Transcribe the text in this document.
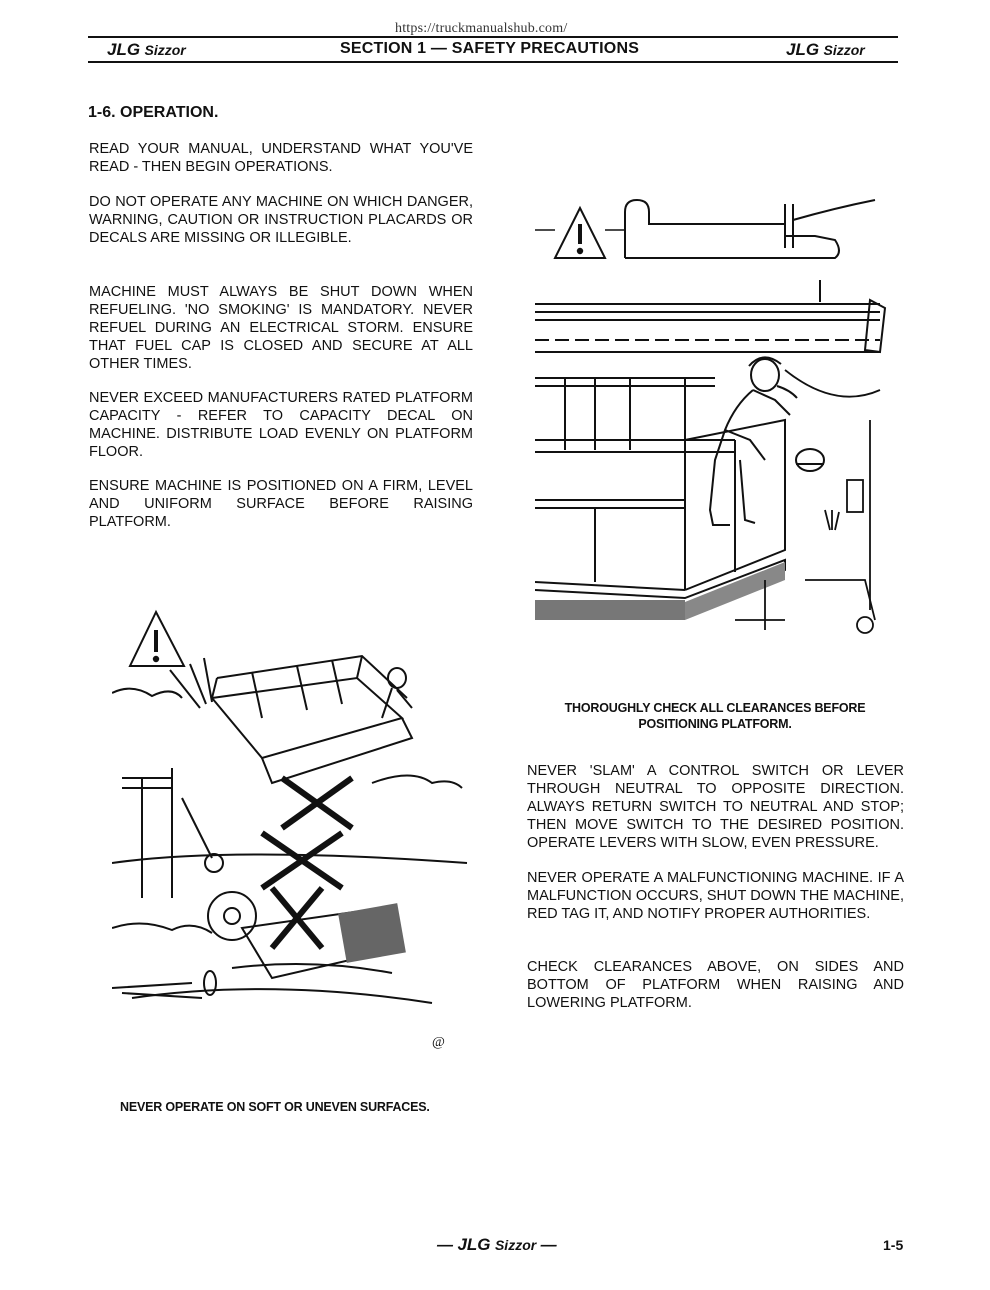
https://truckmanualshub.com/
JLG Sizzor	SECTION 1 — SAFETY PRECAUTIONS	JLG Sizzor
1-6. OPERATION.

READ YOUR MANUAL, UNDERSTAND WHAT YOU'VE READ - THEN BEGIN OPERATIONS.

DO NOT OPERATE ANY MACHINE ON WHICH DANGER, WARNING, CAUTION OR INSTRUCTION PLACARDS OR DECALS ARE MISSING OR ILLEGIBLE.

MACHINE MUST ALWAYS BE SHUT DOWN WHEN REFUELING. 'NO SMOKING' IS MANDATORY. NEVER REFUEL DURING AN ELECTRICAL STORM. ENSURE THAT FUEL CAP IS CLOSED AND SECURE AT ALL OTHER TIMES.

NEVER EXCEED MANUFACTURERS RATED PLATFORM CAPACITY - REFER TO CAPACITY DECAL ON MACHINE. DISTRIBUTE LOAD EVENLY ON PLATFORM FLOOR.

ENSURE MACHINE IS POSITIONED ON A FIRM, LEVEL AND UNIFORM SURFACE BEFORE RAISING PLATFORM.

THOROUGHLY CHECK ALL CLEARANCES BEFORE
POSITIONING PLATFORM.

NEVER 'SLAM' A CONTROL SWITCH OR LEVER THROUGH NEUTRAL TO OPPOSITE DIRECTION. ALWAYS RETURN SWITCH TO NEUTRAL AND STOP; THEN MOVE SWITCH TO THE DESIRED POSITION. OPERATE LEVERS WITH SLOW, EVEN PRESSURE.

NEVER OPERATE A MALFUNCTIONING MACHINE. IF A MALFUNCTION OCCURS, SHUT DOWN THE MACHINE, RED TAG IT, AND NOTIFY PROPER AUTHORITIES.

CHECK CLEARANCES ABOVE, ON SIDES AND BOTTOM OF PLATFORM WHEN RAISING AND LOWERING PLATFORM.

@
NEVER OPERATE ON SOFT OR UNEVEN SURFACES.
— JLG Sizzor —	1-5
